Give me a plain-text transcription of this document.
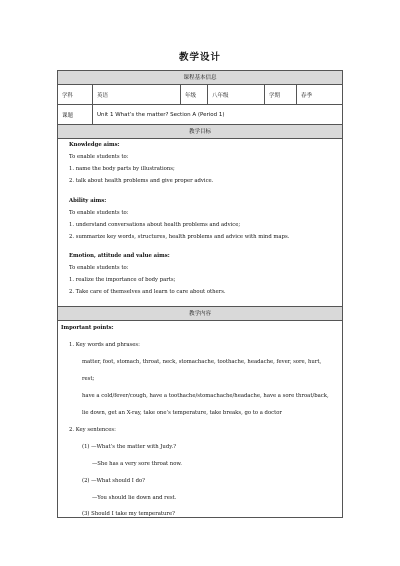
教学设计
课程基本信息
学科	英语	年级	八年级	学期	春季
课题	Unit 1 What’s the matter? Section A (Period 1)
教学目标
Knowledge aims:
To enable students to:
1. name the body parts by illustrations;
2. talk about health problems and give proper advice.
Ability aims:
To enable students to:
1. understand conversations about health problems and advice;
2. summarize key words, structures, health problems and advice with mind maps.
Emotion, attitude and value aims:
To enable students to:
1. realize the importance of body parts;
2. Take care of themselves and learn to care about others.
教学内容
Important points:
1. Key words and phrases:
matter, foot, stomach, throat, neck, stomachache, toothache, headache, fever, sore, hurt,
rest;
have a cold/fever/cough, have a toothache/stomachache/headache, have a sore throat/back,
lie down, get an X-ray, take one’s temperature, take breaks, go to a doctor
2. Key sentences:
(1) —What’s the matter with Judy.?
—She has a very sore throat now.
(2) —What should I do?
—You should lie down and rest.
(3) Should I take my temperature?
